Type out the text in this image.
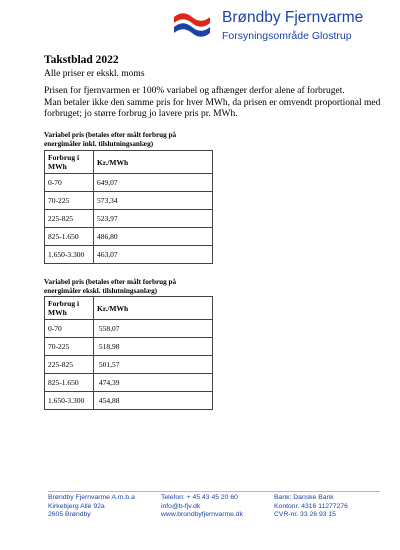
Brøndby Fjernvarme
Forsyningsområde Glostrup
Takstblad 2022
Alle priser er ekskl. moms

Prisen for fjernvarmen er 100% variabel og afhænger derfor alene af forbruget.

Man betaler ikke den samme pris for hver MWh, da prisen er omvendt proportional med forbruget; jo større forbrug jo lavere pris pr. MWh.

Variabel pris (betales efter målt forbrug på energimåler inkl. tilslutningsanlæg)
Forbrug i MWh	Kr./MWh
0-70	649,07
70-225	573,34
225-825	523,97
825-1.650	486,80
1.650-3.300	463,07
Variabel pris (betales efter målt forbrug på energimåler ekskl. tilslutningsanlæg)
Forbrug i MWh	Kr./MWh
0-70	558,07
70-225	518,98
225-825	501,57
825-1.650	474,39
1.650-3.300	454,88
Brøndby Fjernvarme A.m.b.a
Kirkebjerg Allé 92a
2605 Brøndby
Telefon: + 45 43 45 20 60
info@b-fjv.dk
www.brondbyfjernvarme.dk
Bank: Danske Bank
Kontonr. 4316 11277276
CVR-nr. 33 26 93 15
